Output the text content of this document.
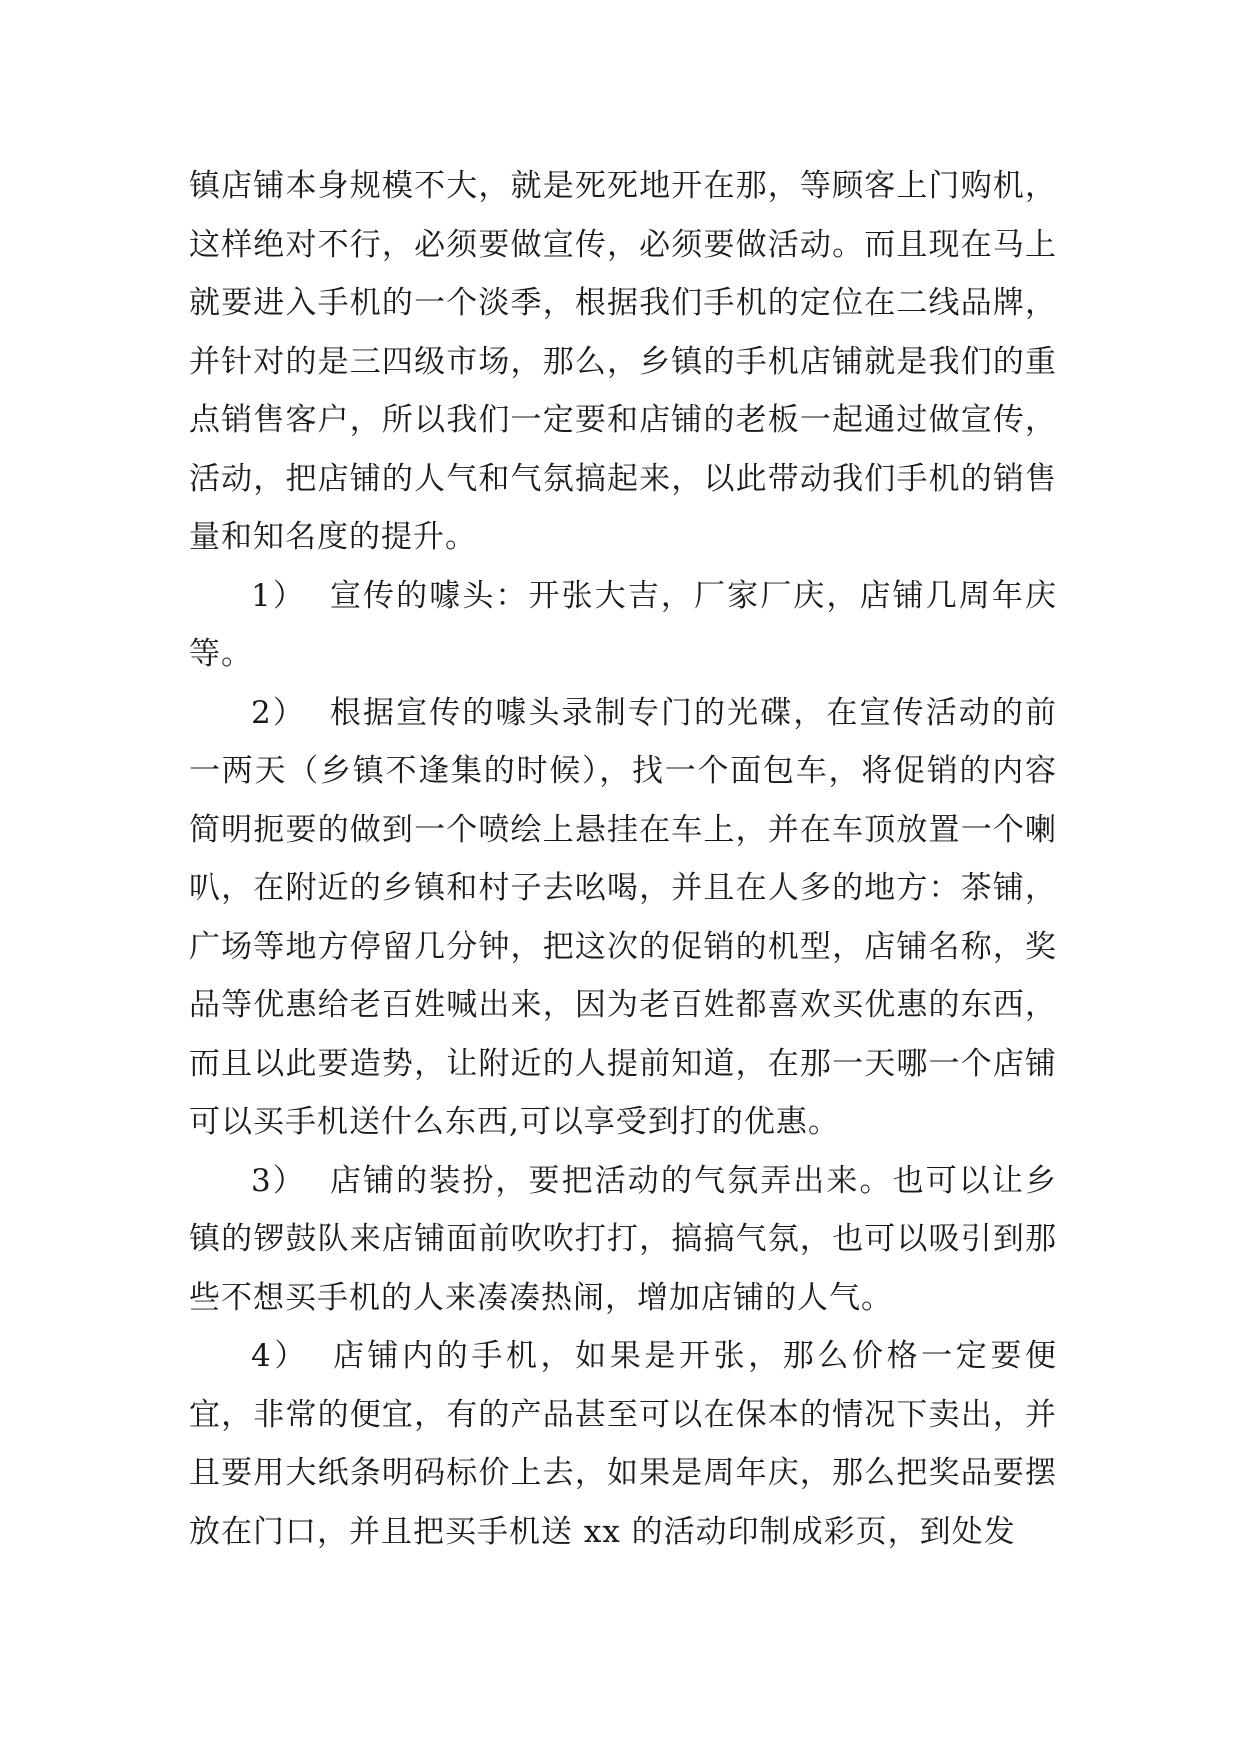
镇店铺本身规模不大，就是死死地开在那，等顾客上门购机，这样绝对不行，必须要做宣传，必须要做活动。而且现在马上就要进入手机的一个淡季，根据我们手机的定位在二线品牌，并针对的是三四级市场，那么，乡镇的手机店铺就是我们的重点销售客户，所以我们一定要和店铺的老板一起通过做宣传，活动，把店铺的人气和气氛搞起来，以此带动我们手机的销售量和知名度的提升。

1） 宣传的噱头：开张大吉，厂家厂庆，店铺几周年庆等。

2） 根据宣传的噱头录制专门的光碟，在宣传活动的前一两天（乡镇不逢集的时候），找一个面包车，将促销的内容简明扼要的做到一个喷绘上悬挂在车上，并在车顶放置一个喇叭，在附近的乡镇和村子去吆喝，并且在人多的地方：茶铺，广场等地方停留几分钟，把这次的促销的机型，店铺名称，奖品等优惠给老百姓喊出来，因为老百姓都喜欢买优惠的东西，而且以此要造势，让附近的人提前知道，在那一天哪一个店铺可以买手机送什么东西,可以享受到打的优惠。

3） 店铺的装扮，要把活动的气氛弄出来。也可以让乡镇的锣鼓队来店铺面前吹吹打打，搞搞气氛，也可以吸引到那些不想买手机的人来凑凑热闹，增加店铺的人气。

4） 店铺内的手机，如果是开张，那么价格一定要便宜，非常的便宜，有的产品甚至可以在保本的情况下卖出，并且要用大纸条明码标价上去，如果是周年庆，那么把奖品要摆放在门口，并且把买手机送 xx 的活动印制成彩页，到处发
